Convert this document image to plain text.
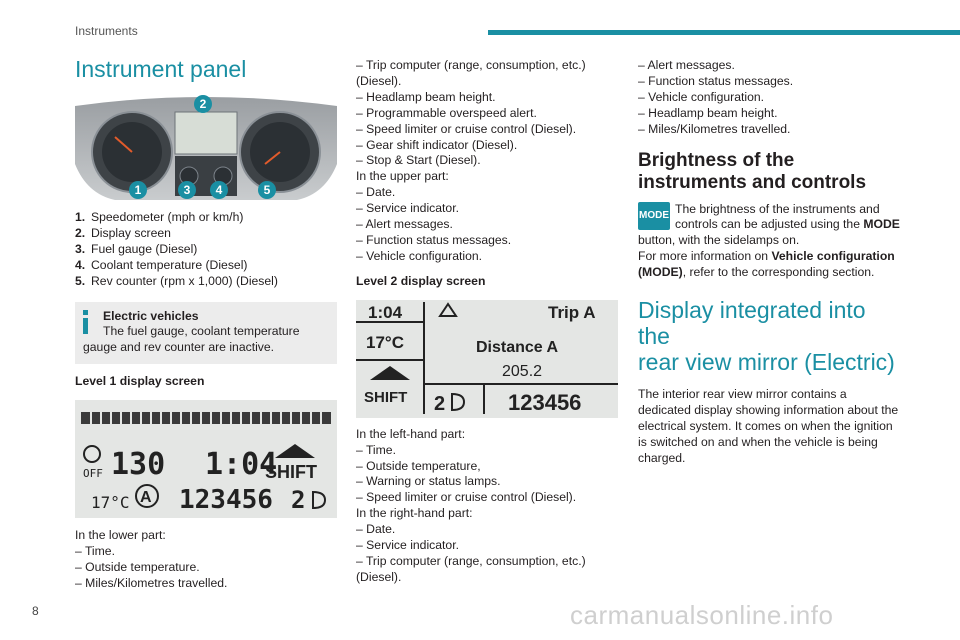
Instruments
8	carmanualsonline.info
Instrument panel
2
1	3 4	5
1. Speedometer (mph or km/h)
2. Display screen
3. Fuel gauge (Diesel)
4. Coolant temperature (Diesel)
5. Rev counter (rpm x 1,000) (Diesel)
Electric vehicles
The fuel gauge, coolant temperature
gauge and rev counter are inactive.
Level 1 display screen
OFF 130 1:04
SHIFT
17°C A 123456 2
In the lower part:
– Time.
– Outside temperature.
– Miles/Kilometres travelled.
– Trip computer (range, consumption, etc.)
(Diesel).
– Headlamp beam height.
– Programmable overspeed alert.
– Speed limiter or cruise control (Diesel).
– Gear shift indicator (Diesel).
– Stop & Start (Diesel).
In the upper part:
– Date.
– Service indicator.
– Alert messages.
– Function status messages.
– Vehicle configuration.
Level 2 display screen
1:04	Trip A
17°C	Distance A
205.2
SHIFT 2	123456
In the left-hand part:
– Time.
– Outside temperature,
– Warning or status lamps.
– Speed limiter or cruise control (Diesel).
In the right-hand part:
– Date.
– Service indicator.
– Trip computer (range, consumption, etc.)
(Diesel).
– Alert messages.
– Function status messages.
– Vehicle configuration.
– Headlamp beam height.
– Miles/Kilometres travelled.
Brightness of the
instruments and controls
MODE The brightness of the instruments and
controls can be adjusted using the MODE
button, with the sidelamps on.
For more information on Vehicle configuration
(MODE), refer to the corresponding section.
Display integrated into the
rear view mirror (Electric)
The interior rear view mirror contains a
dedicated display showing information about the
electrical system. It comes on when the ignition
is switched on and when the vehicle is being
charged.
